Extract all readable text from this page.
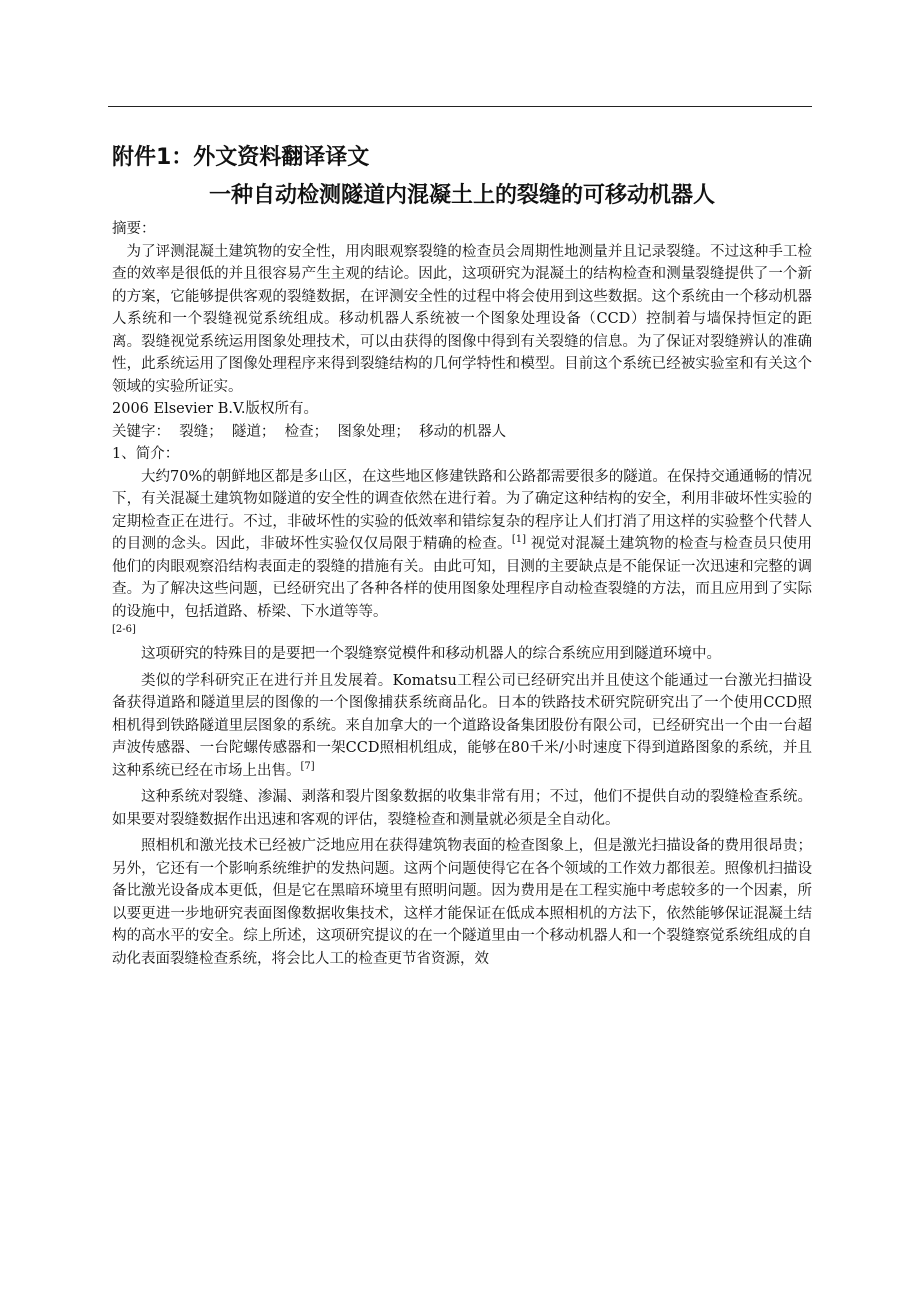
附件1：外文资料翻译译文
一种自动检测隧道内混凝土上的裂缝的可移动机器人

摘要：

为了评测混凝土建筑物的安全性，用肉眼观察裂缝的检查员会周期性地测量并且记录裂缝。不过这种手工检查的效率是很低的并且很容易产生主观的结论。因此，这项研究为混凝土的结构检查和测量裂缝提供了一个新的方案，它能够提供客观的裂缝数据，在评测安全性的过程中将会使用到这些数据。这个系统由一个移动机器人系统和一个裂缝视觉系统组成。移动机器人系统被一个图象处理设备（CCD）控制着与墙保持恒定的距离。裂缝视觉系统运用图象处理技术，可以由获得的图像中得到有关裂缝的信息。为了保证对裂缝辨认的准确性，此系统运用了图像处理程序来得到裂缝结构的几何学特性和模型。目前这个系统已经被实验室和有关这个领域的实验所证实。

2006 Elsevier B.V.版权所有。

关键字：  裂缝；  隧道；  检查；  图象处理；  移动的机器人

1、简介：

大约70%的朝鲜地区都是多山区，在这些地区修建铁路和公路都需要很多的隧道。在保持交通通畅的情况下，有关混凝土建筑物如隧道的安全性的调查依然在进行着。为了确定这种结构的安全，利用非破坏性实验的定期检查正在进行。不过，非破坏性的实验的低效率和错综复杂的程序让人们打消了用这样的实验整个代替人的目测的念头。因此，非破坏性实验仅仅局限于精确的检查。[1] 视觉对混凝土建筑物的检查与检查员只使用他们的肉眼观察沿结构表面走的裂缝的措施有关。由此可知，目测的主要缺点是不能保证一次迅速和完整的调查。为了解决这些问题，已经研究出了各种各样的使用图象处理程序自动检查裂缝的方法，而且应用到了实际的设施中，包括道路、桥梁、下水道等等。

[2-6]

这项研究的特殊目的是要把一个裂缝察觉模件和移动机器人的综合系统应用到隧道环境中。

类似的学科研究正在进行并且发展着。Komatsu工程公司已经研究出并且使这个能通过一台激光扫描设备获得道路和隧道里层的图像的一个图像捕获系统商品化。日本的铁路技术研究院研究出了一个使用CCD照相机得到铁路隧道里层图象的系统。来自加拿大的一个道路设备集团股份有限公司，已经研究出一个由一台超声波传感器、一台陀螺传感器和一架CCD照相机组成，能够在80千米/小时速度下得到道路图象的系统，并且这种系统已经在市场上出售。[7]

这种系统对裂缝、渗漏、剥落和裂片图象数据的收集非常有用；不过，他们不提供自动的裂缝检查系统。如果要对裂缝数据作出迅速和客观的评估，裂缝检查和测量就必须是全自动化。

照相机和激光技术已经被广泛地应用在获得建筑物表面的检查图象上，但是激光扫描设备的费用很昂贵；另外，它还有一个影响系统维护的发热问题。这两个问题使得它在各个领域的工作效力都很差。照像机扫描设备比激光设备成本更低，但是它在黑暗环境里有照明问题。因为费用是在工程实施中考虑较多的一个因素，所以要更进一步地研究表面图像数据收集技术，这样才能保证在低成本照相机的方法下，依然能够保证混凝土结构的高水平的安全。综上所述，这项研究提议的在一个隧道里由一个移动机器人和一个裂缝察觉系统组成的自动化表面裂缝检查系统，将会比人工的检查更节省资源，效
